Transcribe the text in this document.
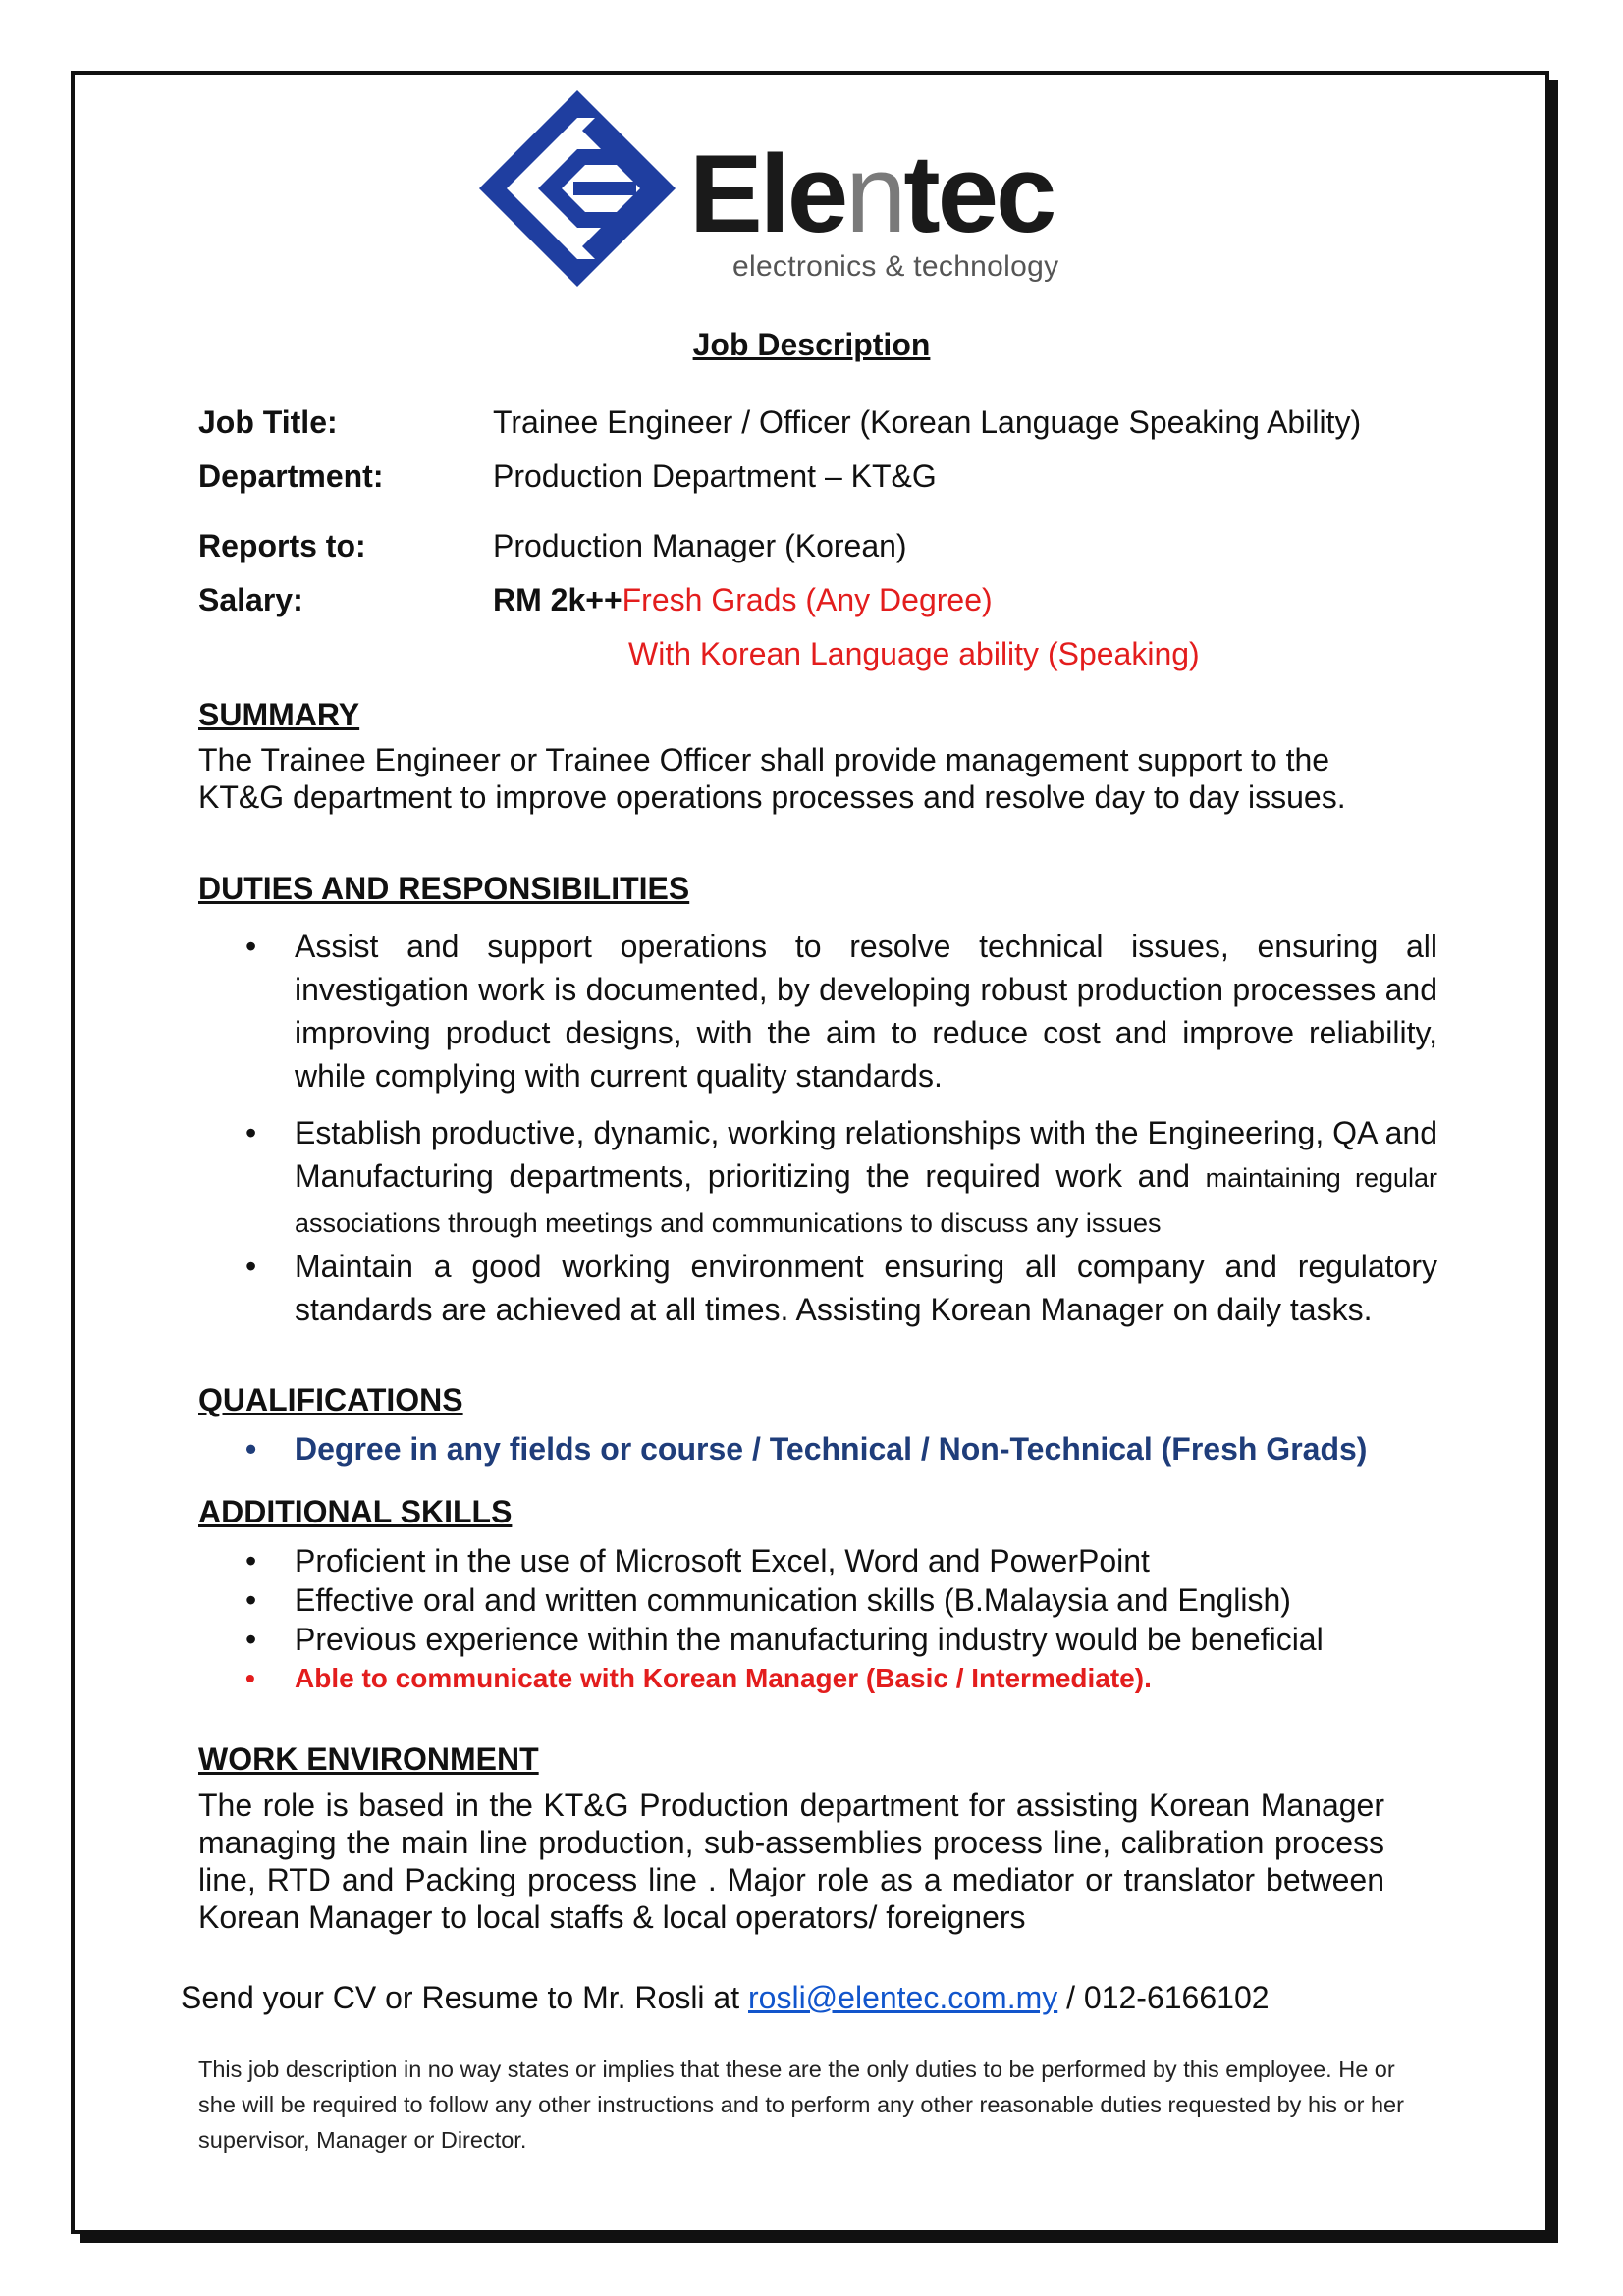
Elentec
electronics & technology
Job Description
Job Title:	Trainee Engineer / Officer (Korean Language Speaking Ability)
Department:	Production Department – KT&G
Reports to:	Production Manager (Korean)
Salary:	RM 2k++Fresh Grads (Any Degree)
With Korean Language ability (Speaking)
SUMMARY
The Trainee Engineer or Trainee Officer shall provide management support to the KT&G department to improve operations processes and resolve day to day issues.
DUTIES AND RESPONSIBILITIES
• Assist and support operations to resolve technical issues, ensuring all investigation work is documented, by developing robust production processes and improving product designs, with the aim to reduce cost and improve reliability, while complying with current quality standards.
• Establish productive, dynamic, working relationships with the Engineering, QA and Manufacturing departments, prioritizing the required work and maintaining regular associations through meetings and communications to discuss any issues
• Maintain a good working environment ensuring all company and regulatory standards are achieved at all times. Assisting Korean Manager on daily tasks.
QUALIFICATIONS
• Degree in any fields or course / Technical / Non-Technical (Fresh Grads)
ADDITIONAL SKILLS
• Proficient in the use of Microsoft Excel, Word and PowerPoint
• Effective oral and written communication skills (B.Malaysia and English)
• Previous experience within the manufacturing industry would be beneficial
• Able to communicate with Korean Manager (Basic / Intermediate).
WORK ENVIRONMENT
The role is based in the KT&G Production department for assisting Korean Manager managing the main line production, sub-assemblies process line, calibration process line, RTD and Packing process line . Major role as a mediator or translator between Korean Manager to local staffs & local operators/ foreigners
Send your CV or Resume to Mr. Rosli at rosli@elentec.com.my / 012-6166102
This job description in no way states or implies that these are the only duties to be performed by this employee. He or she will be required to follow any other instructions and to perform any other reasonable duties requested by his or her supervisor, Manager or Director.
